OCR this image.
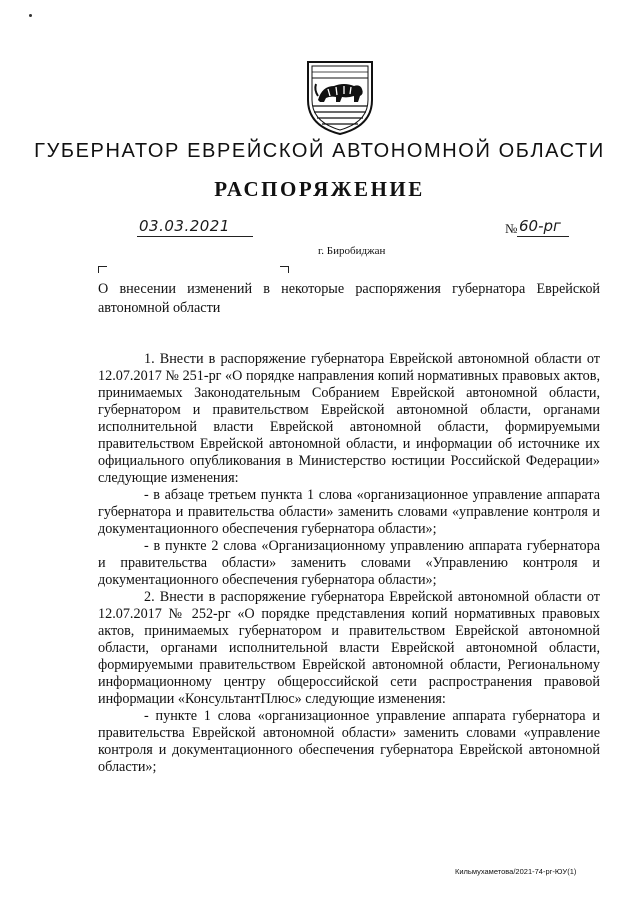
ГУБЕРНАТОР ЕВРЕЙСКОЙ АВТОНОМНОЙ ОБЛАСТИ
РАСПОРЯЖЕНИЕ
03.03.2021	№ 60-рг
г. Биробиджан
О внесении изменений в некоторые распоряжения губернатора Еврейской автономной области

1. Внести в распоряжение губернатора Еврейской автономной области от 12.07.2017 № 251-рг «О порядке направления копий нормативных правовых актов, принимаемых Законодательным Собранием Еврейской автономной области, губернатором и правительством Еврейской автономной области, органами исполнительной власти Еврейской автономной области, формируемыми правительством Еврейской автономной области, и информации об источнике их официального опубликования в Министерство юстиции Российской Федерации» следующие изменения:

- в абзаце третьем пункта 1 слова «организационное управление аппарата губернатора и правительства области» заменить словами «управление контроля и документационного обеспечения губернатора области»;

- в пункте 2 слова «Организационному управлению аппарата губернатора и правительства области» заменить словами «Управлению контроля и документационного обеспечения губернатора области»;

2. Внести в распоряжение губернатора Еврейской автономной области от 12.07.2017 № 252-рг «О порядке представления копий нормативных правовых актов, принимаемых губернатором и правительством Еврейской автономной области, органами исполнительной власти Еврейской автономной области, формируемыми правительством Еврейской автономной области, Региональному информационному центру общероссийской сети распространения правовой информации «КонсультантПлюс» следующие изменения:

- пункте 1 слова «организационное управление аппарата губернатора и правительства Еврейской автономной области» заменить словами «управление контроля и документационного обеспечения губернатора Еврейской автономной области»;

Кильмухаметова/2021-74-рг-ЮУ(1)
